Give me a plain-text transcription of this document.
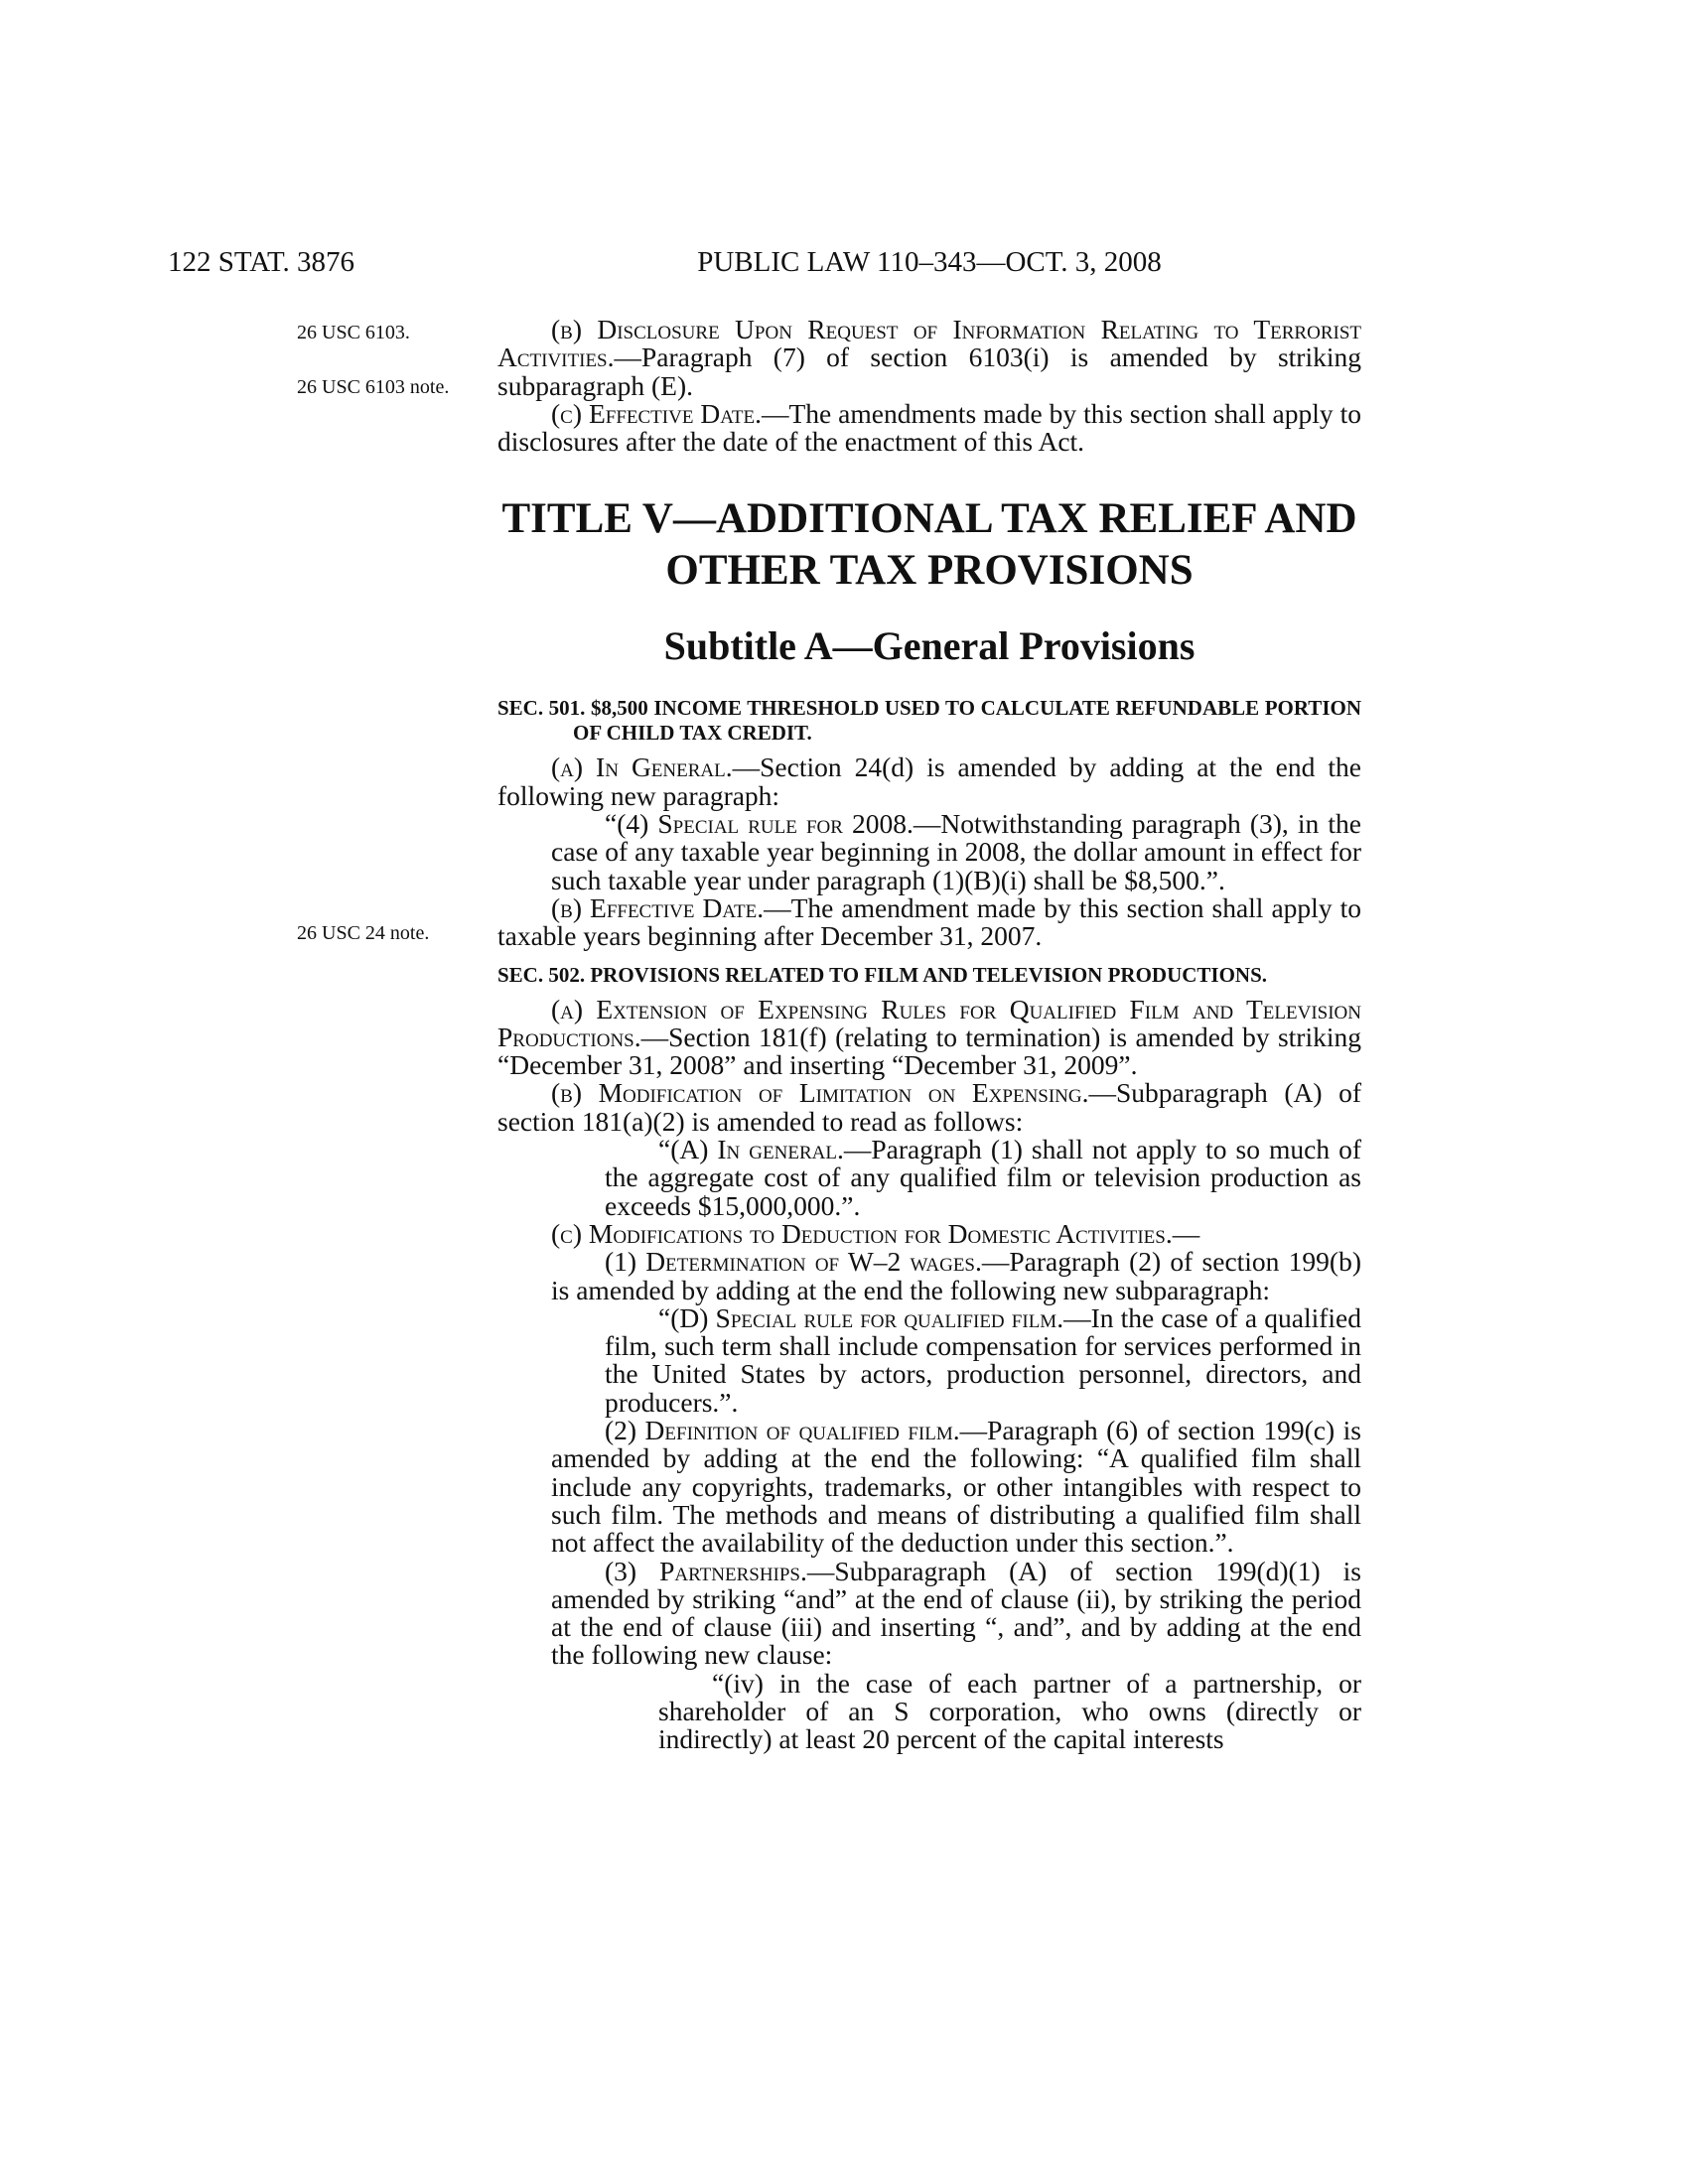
122 STAT. 3876	PUBLIC LAW 110–343—OCT. 3, 2008
26 USC 6103.
26 USC 6103 note.
26 USC 24 note.

(b) Disclosure Upon Request of Information Relating to Terrorist Activities.—Paragraph (7) of section 6103(i) is amended by striking subparagraph (E).

(c) Effective Date.—The amendments made by this section shall apply to disclosures after the date of the enactment of this Act.

TITLE V—ADDITIONAL TAX RELIEF AND OTHER TAX PROVISIONS

Subtitle A—General Provisions

SEC. 501. $8,500 INCOME THRESHOLD USED TO CALCULATE REFUNDABLE PORTION OF CHILD TAX CREDIT.

(a) In General.—Section 24(d) is amended by adding at the end the following new paragraph:

“(4) Special rule for 2008.—Notwithstanding paragraph (3), in the case of any taxable year beginning in 2008, the dollar amount in effect for such taxable year under paragraph (1)(B)(i) shall be $8,500.”.

(b) Effective Date.—The amendment made by this section shall apply to taxable years beginning after December 31, 2007.

SEC. 502. PROVISIONS RELATED TO FILM AND TELEVISION PRODUCTIONS.

(a) Extension of Expensing Rules for Qualified Film and Television Productions.—Section 181(f) (relating to termination) is amended by striking “December 31, 2008” and inserting “December 31, 2009”.

(b) Modification of Limitation on Expensing.—Subparagraph (A) of section 181(a)(2) is amended to read as follows:

“(A) In general.—Paragraph (1) shall not apply to so much of the aggregate cost of any qualified film or television production as exceeds $15,000,000.”.

(c) Modifications to Deduction for Domestic Activities.—

(1) Determination of W–2 wages.—Paragraph (2) of section 199(b) is amended by adding at the end the following new subparagraph:

“(D) Special rule for qualified film.—In the case of a qualified film, such term shall include compensation for services performed in the United States by actors, production personnel, directors, and producers.”.

(2) Definition of qualified film.—Paragraph (6) of section 199(c) is amended by adding at the end the following: “A qualified film shall include any copyrights, trademarks, or other intangibles with respect to such film. The methods and means of distributing a qualified film shall not affect the availability of the deduction under this section.”.

(3) Partnerships.—Subparagraph (A) of section 199(d)(1) is amended by striking “and” at the end of clause (ii), by striking the period at the end of clause (iii) and inserting “, and”, and by adding at the end the following new clause:

“(iv) in the case of each partner of a partnership, or shareholder of an S corporation, who owns (directly or indirectly) at least 20 percent of the capital interests
